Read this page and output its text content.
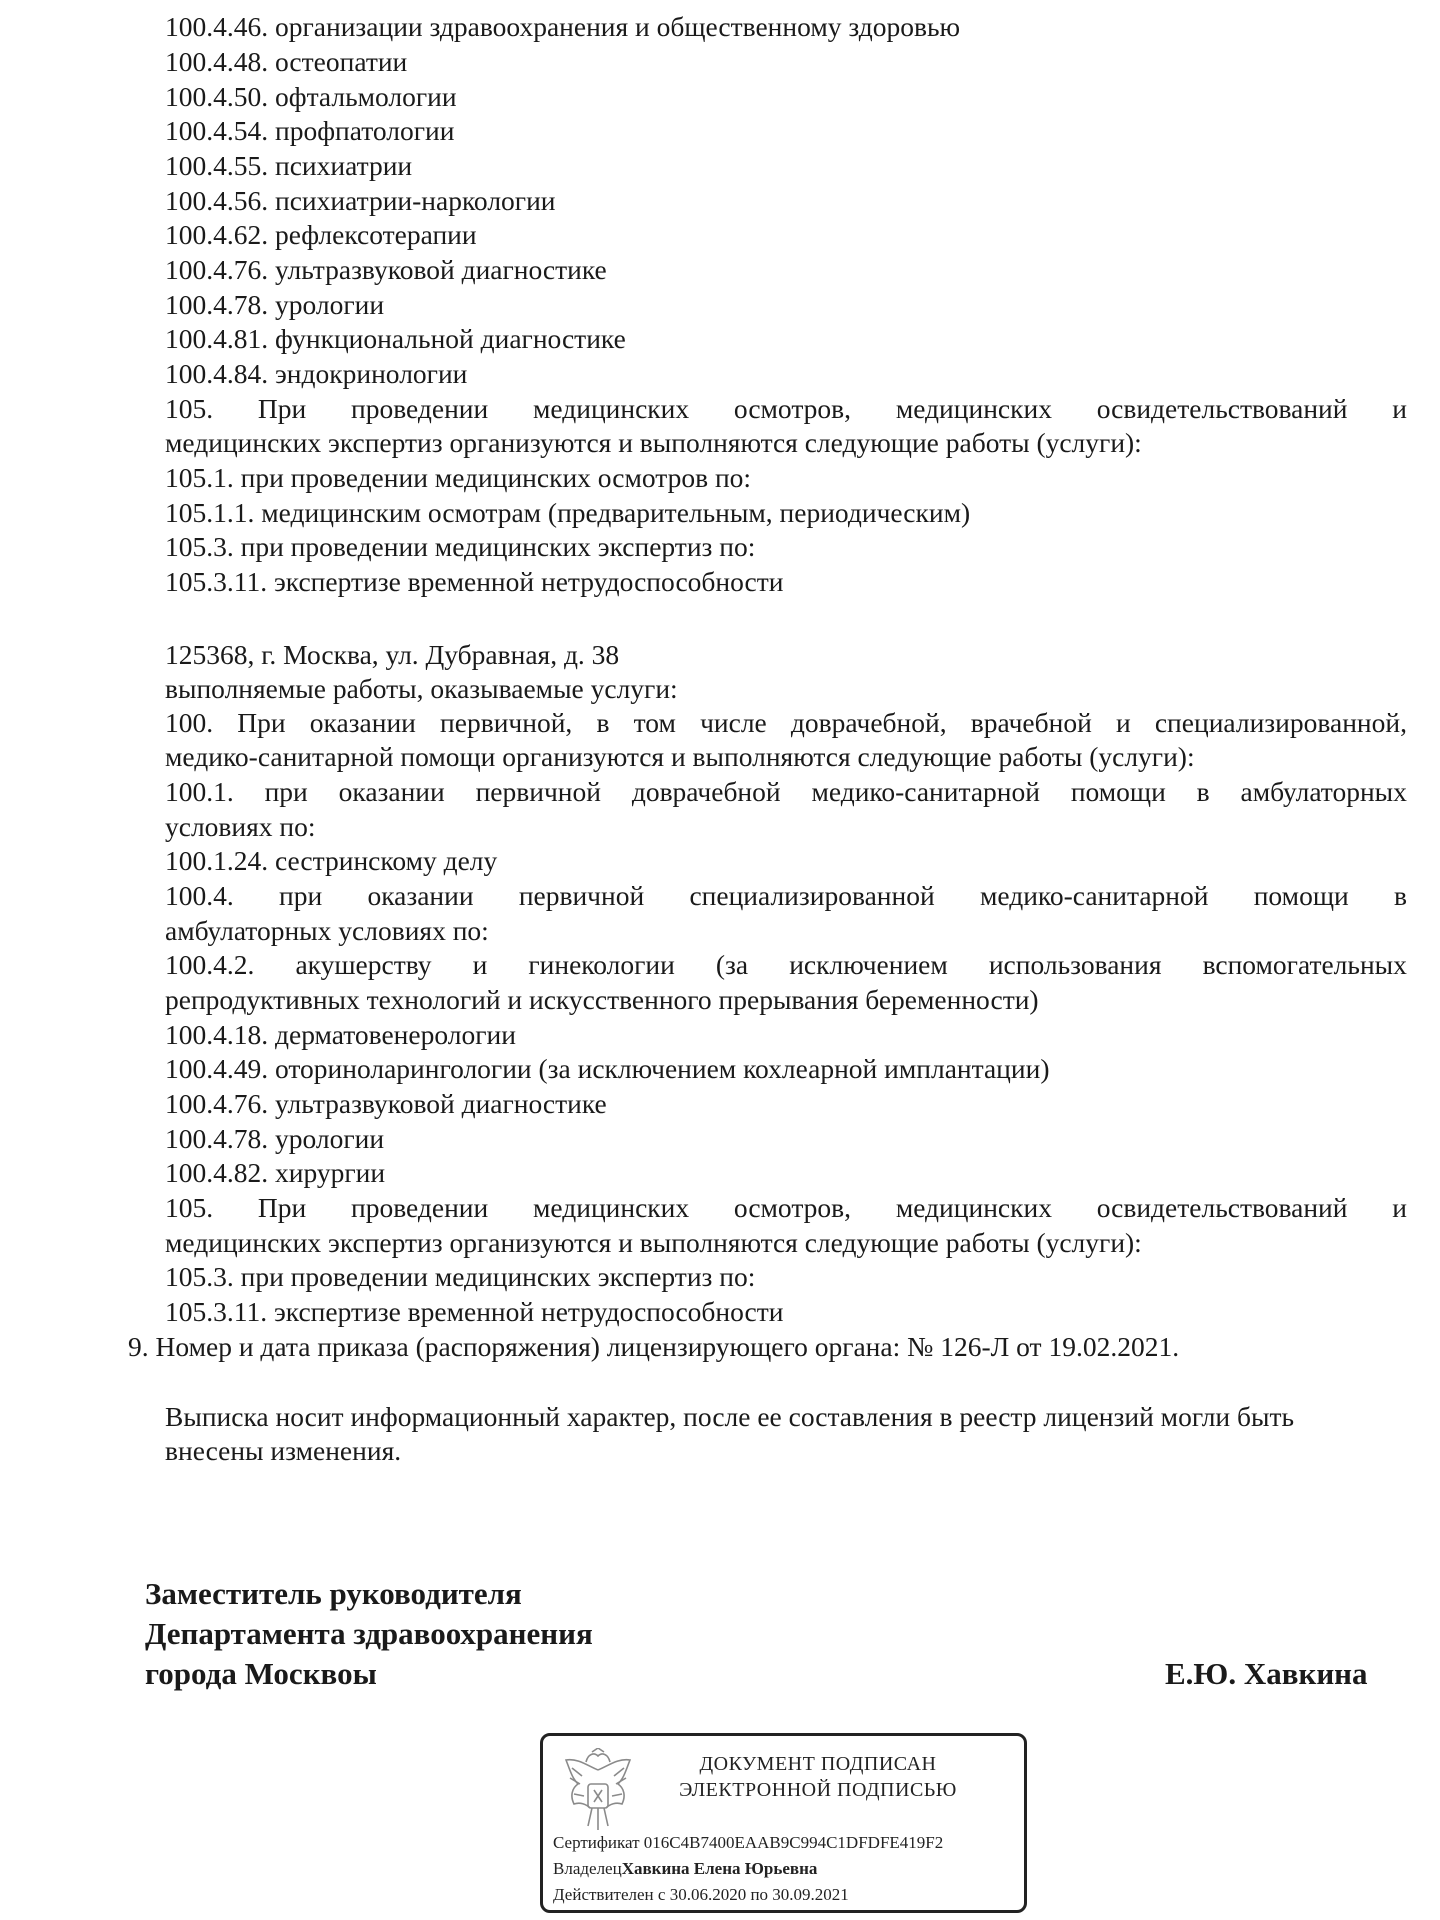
100.4.46. организации здравоохранения и общественному здоровью
100.4.48. остеопатии
100.4.50. офтальмологии
100.4.54. профпатологии
100.4.55. психиатрии
100.4.56. психиатрии-наркологии
100.4.62. рефлексотерапии
100.4.76. ультразвуковой диагностике
100.4.78. урологии
100.4.81. функциональной диагностике
100.4.84. эндокринологии
105. При проведении медицинских осмотров, медицинских освидетельствований и
медицинских экспертиз организуются и выполняются следующие работы (услуги):
105.1. при проведении медицинских осмотров по:
105.1.1. медицинским осмотрам (предварительным, периодическим)
105.3. при проведении медицинских экспертиз по:
105.3.11. экспертизе временной нетрудоспособности
125368, г. Москва, ул. Дубравная, д. 38
выполняемые работы, оказываемые услуги:
100. При оказании первичной, в том числе доврачебной, врачебной и специализированной,
медико-санитарной помощи организуются и выполняются следующие работы (услуги):
100.1. при оказании первичной доврачебной медико-санитарной помощи в амбулаторных
условиях по:
100.1.24. сестринскому делу
100.4. при оказании первичной специализированной медико-санитарной помощи в
амбулаторных условиях по:
100.4.2. акушерству и гинекологии (за исключением использования вспомогательных
репродуктивных технологий и искусственного прерывания беременности)
100.4.18. дерматовенерологии
100.4.49. оториноларингологии (за исключением кохлеарной имплантации)
100.4.76. ультразвуковой диагностике
100.4.78. урологии
100.4.82. хирургии
105. При проведении медицинских осмотров, медицинских освидетельствований и
медицинских экспертиз организуются и выполняются следующие работы (услуги):
105.3. при проведении медицинских экспертиз по:
105.3.11. экспертизе временной нетрудоспособности
9. Номер и дата приказа (распоряжения) лицензирующего органа: № 126-Л от 19.02.2021.
Выписка носит информационный характер, после ее составления в реестр лицензий могли быть
внесены изменения.
Заместитель руководителя
Департамента здравоохранения
города Москвоы	Е.Ю. Хавкина
ДОКУМЕНТ ПОДПИСАН
ЭЛЕКТРОННОЙ ПОДПИСЬЮ
Сертификат 016C4B7400EAAB9C994C1DFDFE419F2
ВладелецХавкина Елена Юрьевна
Действителен с 30.06.2020 по 30.09.2021
